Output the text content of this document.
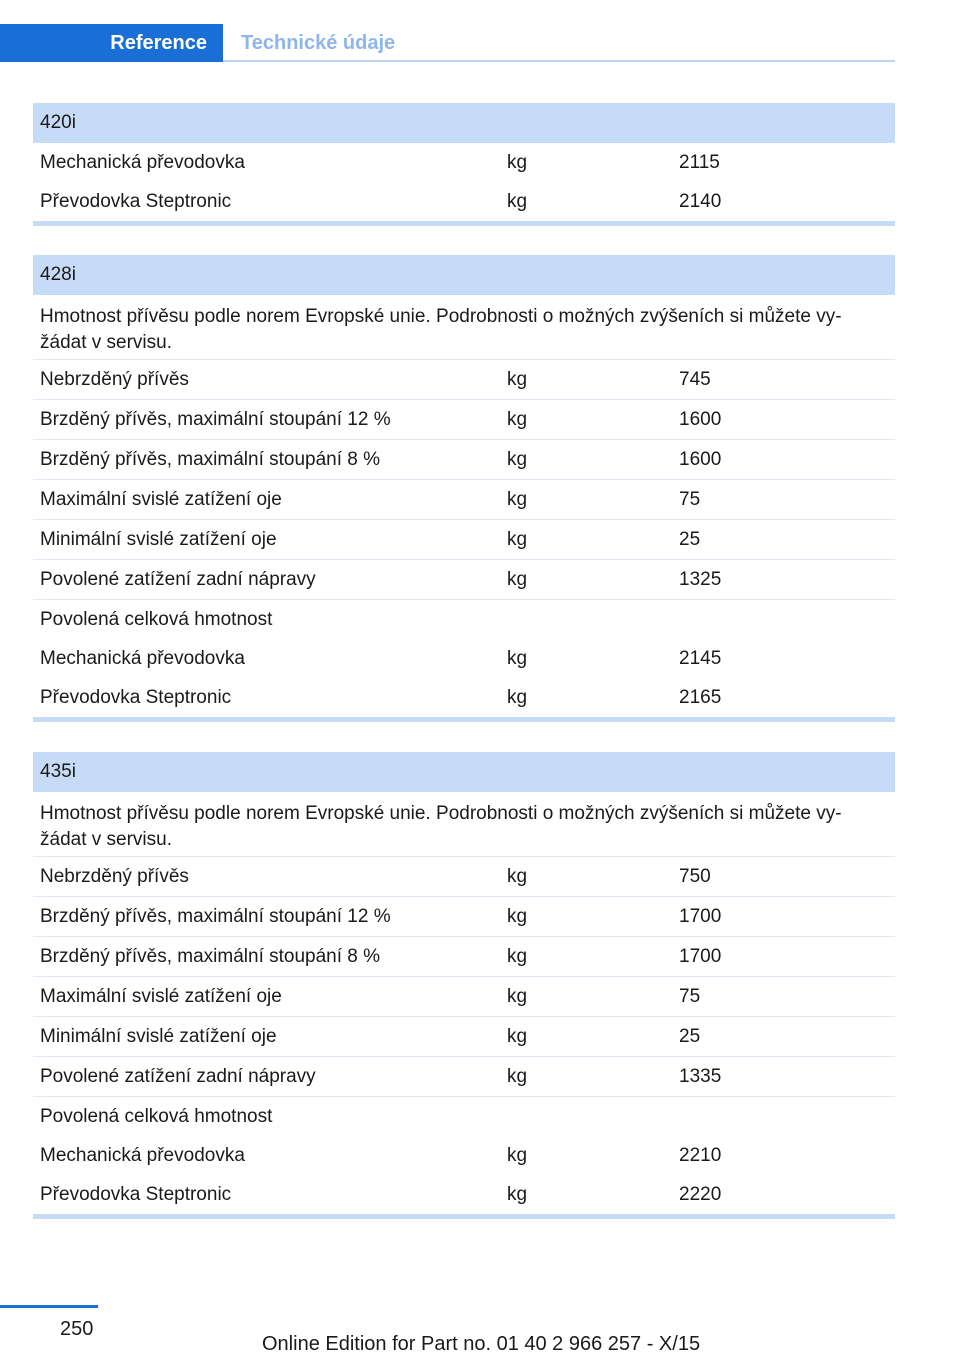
Reference	Technické údaje
420i
Mechanická převodovka	kg	2115
Převodovka Steptronic	kg	2140
428i
Hmotnost přívěsu podle norem Evropské unie. Podrobnosti o možných zvýšeních si můžete vy- žádat v servisu.
Nebrzděný přívěs	kg	745
Brzděný přívěs, maximální stoupání 12 %	kg	1600
Brzděný přívěs, maximální stoupání 8 %	kg	1600
Maximální svislé zatížení oje	kg	75
Minimální svislé zatížení oje	kg	25
Povolené zatížení zadní nápravy	kg	1325
Povolená celková hmotnost
Mechanická převodovka	kg	2145
Převodovka Steptronic	kg	2165
435i
Hmotnost přívěsu podle norem Evropské unie. Podrobnosti o možných zvýšeních si můžete vy- žádat v servisu.
Nebrzděný přívěs	kg	750
Brzděný přívěs, maximální stoupání 12 %	kg	1700
Brzděný přívěs, maximální stoupání 8 %	kg	1700
Maximální svislé zatížení oje	kg	75
Minimální svislé zatížení oje	kg	25
Povolené zatížení zadní nápravy	kg	1335
Povolená celková hmotnost
Mechanická převodovka	kg	2210
Převodovka Steptronic	kg	2220
250
Online Edition for Part no. 01 40 2 966 257 - X/15
